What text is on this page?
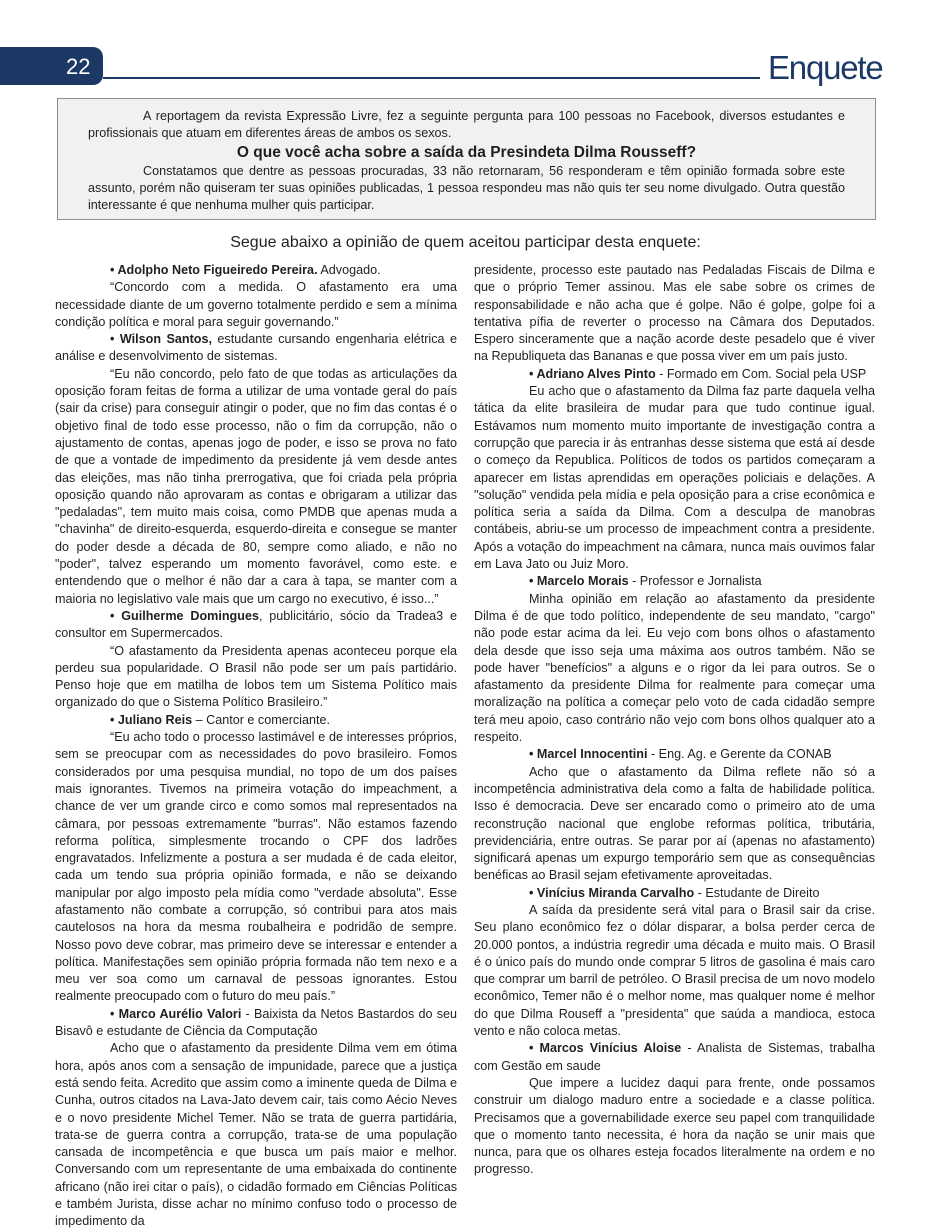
22	Enquete

A reportagem da revista Expressão Livre, fez a seguinte pergunta para 100 pessoas no Facebook, diversos estudantes e profissionais que atuam em diferentes áreas de ambos os sexos.

O que você acha sobre a saída da Presindeta Dilma Rousseff?

Constatamos que dentre as pessoas procuradas, 33 não retornaram, 56 responderam e têm opinião formada sobre este assunto, porém não quiseram ter suas opiniões publicadas, 1 pessoa respondeu mas não quis ter seu nome divulgado. Outra questão interessante é que nenhuma mulher quis participar.

Segue abaixo a opinião de quem aceitou participar desta enquete:

• Adolpho Neto Figueiredo Pereira. Advogado.

“Concordo com a medida. O afastamento era uma necessidade diante de um governo totalmente perdido e sem a mínima condição política e moral para seguir governando.”

• Wilson Santos, estudante cursando engenharia elétrica e análise e desenvolvimento de sistemas.

“Eu não concordo, pelo fato de que todas as articulações da oposição foram feitas de forma a utilizar de uma vontade geral do país (sair da crise) para conseguir atingir o poder, que no fim das contas é o objetivo final de todo esse processo, não o fim da corrupção, não o ajustamento de contas, apenas jogo de poder, e isso se prova no fato de que a vontade de impedimento da presidente já vem desde antes das eleições, mas não tinha prerrogativa, que foi criada pela própria oposição quando não aprovaram as contas e obrigaram a utilizar das "pedaladas", tem muito mais coisa, como PMDB que apenas muda a "chavinha" de direito-esquerda, esquerdo-direita e consegue se manter do poder desde a década de 80, sempre como aliado, e não no "poder", talvez esperando um momento favorável, como este. e entendendo que o melhor é não dar a cara à tapa, se manter com a maioria no legislativo vale mais que um cargo no executivo, é isso...”

• Guilherme Domingues, publicitário, sócio da Tradea3 e consultor em Supermercados.

“O afastamento da Presidenta apenas aconteceu porque ela perdeu sua popularidade. O Brasil não pode ser um país partidário. Penso hoje que em matilha de lobos tem um Sistema Político mais organizado do que o Sistema Político Brasileiro.”

• Juliano Reis – Cantor e comerciante.

“Eu acho todo o processo lastimável e de interesses próprios, sem se preocupar com as necessidades do povo brasileiro. Fomos considerados por uma pesquisa mundial, no topo de um dos países mais ignorantes. Tivemos na primeira votação do impeachment, a chance de ver um grande circo e como somos mal representados na câmara, por pessoas extremamente "burras". Não estamos fazendo reforma política, simplesmente trocando o CPF dos ladrões engravatados. Infelizmente a postura a ser mudada é de cada eleitor, cada um tendo sua própria opinião formada, e não se deixando manipular por algo imposto pela mídia como "verdade absoluta". Esse afastamento não combate a corrupção, só contribui para atos mais cautelosos na hora da mesma roubalheira e podridão de sempre. Nosso povo deve cobrar, mas primeiro deve se interessar e entender a política. Manifestações sem opinião própria formada não tem nexo e a meu ver soa como um carnaval de pessoas ignorantes. Estou realmente preocupado com o futuro do meu país.”

• Marco Aurélio Valori - Baixista da Netos Bastardos do seu Bisavô e estudante de Ciência da Computação

Acho que o afastamento da presidente Dilma vem em ótima hora, após anos com a sensação de impunidade, parece que a justiça está sendo feita. Acredito que assim como a iminente queda de Dilma e Cunha, outros citados na Lava-Jato devem cair, tais como Aécio Neves e o novo presidente Michel Temer. Não se trata de guerra partidária, trata-se de guerra contra a corrupção, trata-se de uma população cansada de incompetência e que busca um país maior e melhor. Conversando com um representante de uma embaixada do continente africano (não irei citar o país), o cidadão formado em Ciências Políticas e também Jurista, disse achar no mínimo confuso todo o processo de impedimento da

presidente, processo este pautado nas Pedaladas Fiscais de Dilma e que o próprio Temer assinou. Mas ele sabe sobre os crimes de responsabilidade e não acha que é golpe. Não é golpe, golpe foi a tentativa pífia de reverter o processo na Câmara dos Deputados. Espero sinceramente que a nação acorde deste pesadelo que é viver na Republiqueta das Bananas e que possa viver em um país justo.

• Adriano Alves Pinto - Formado em Com. Social pela USP

Eu acho que o afastamento da Dilma faz parte daquela velha tática da elite brasileira de mudar para que tudo continue igual. Estávamos num momento muito importante de investigação contra a corrupção que parecia ir às entranhas desse sistema que está aí desde o começo da Republica. Políticos de todos os partidos começaram a aparecer em listas aprendidas em operações policiais e delações. A "solução" vendida pela mídia e pela oposição para a crise econômica e política seria a saída da Dilma. Com a desculpa de manobras contábeis, abriu-se um processo de impeachment contra a presidente. Após a votação do impeachment na câmara, nunca mais ouvimos falar em Lava Jato ou Juiz Moro.

• Marcelo Morais - Professor e Jornalista

Minha opinião em relação ao afastamento da presidente Dilma é de que todo político, independente de seu mandato, "cargo" não pode estar acima da lei. Eu vejo com bons olhos o afastamento dela desde que isso seja uma máxima aos outros também. Não se pode haver "benefícios" a alguns e o rigor da lei para outros. Se o afastamento da presidente Dilma for realmente para começar uma moralização na política a começar pelo voto de cada cidadão sempre terá meu apoio, caso contrário não vejo com bons olhos qualquer ato a respeito.

• Marcel Innocentini - Eng. Ag. e Gerente da CONAB

Acho que o afastamento da Dilma reflete não só a incompetência administrativa dela como a falta de habilidade política. Isso é democracia. Deve ser encarado como o primeiro ato de uma reconstrução nacional que englobe reformas política, tributária, previdenciária, entre outras. Se parar por aí (apenas no afastamento) significará apenas um expurgo temporário sem que as consequências benéficas ao Brasil sejam efetivamente aproveitadas.

• Vinícius Miranda Carvalho - Estudante de Direito

A saída da presidente será vital para o Brasil sair da crise. Seu plano econômico fez o dólar disparar, a bolsa perder cerca de 20.000 pontos, a indústria regredir uma década e muito mais. O Brasil é o único país do mundo onde comprar 5 litros de gasolina é mais caro que comprar um barril de petróleo. O Brasil precisa de um novo modelo econômico, Temer não é o melhor nome, mas qualquer nome é melhor do que Dilma Rouseff a "presidenta" que saúda a mandioca, estoca vento e não coloca metas.

• Marcos Vinícius Aloise - Analista de Sistemas, trabalha com Gestão em saude

Que impere a lucidez daqui para frente, onde possamos construir um dialogo maduro entre a sociedade e a classe política. Precisamos que a governabilidade exerce seu papel com tranquilidade que o momento tanto necessita, é hora da nação se unir mais que nunca, para que os olhares esteja focados literalmente na ordem e no progresso.
